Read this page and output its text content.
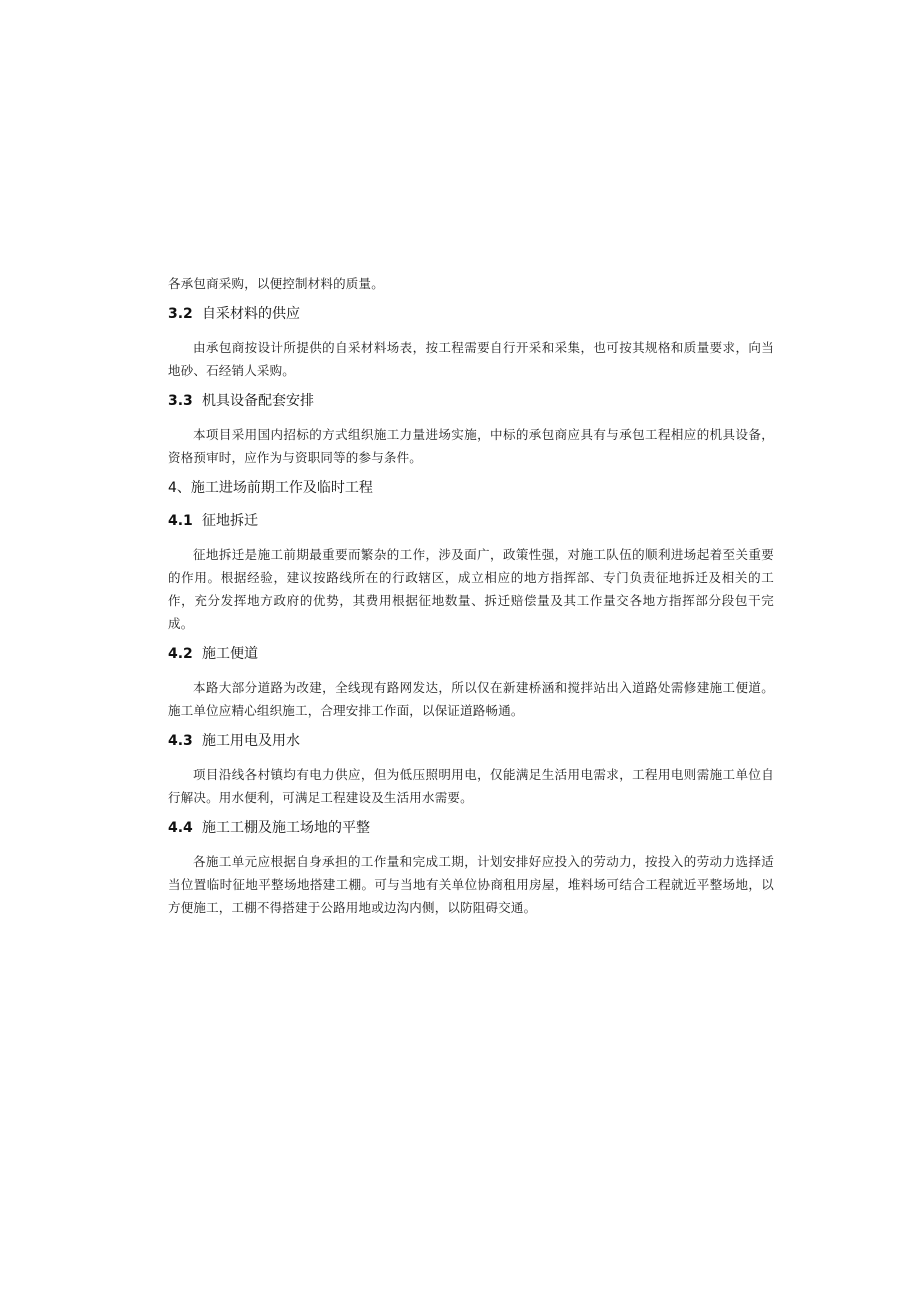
各承包商采购，以便控制材料的质量。

3.2 自采材料的供应

由承包商按设计所提供的自采材料场表，按工程需要自行开采和采集，也可按其规格和质量要求，向当地砂、石经销人采购。

3.3 机具设备配套安排

本项目采用国内招标的方式组织施工力量进场实施，中标的承包商应具有与承包工程相应的机具设备，资格预审时，应作为与资职同等的参与条件。

4、施工进场前期工作及临时工程
4.1 征地拆迁

征地拆迁是施工前期最重要而繁杂的工作，涉及面广，政策性强，对施工队伍的顺利进场起着至关重要的作用。根据经验，建议按路线所在的行政辖区，成立相应的地方指挥部、专门负责征地拆迁及相关的工作，充分发挥地方政府的优势，其费用根据征地数量、拆迁赔偿量及其工作量交各地方指挥部分段包干完成。

4.2 施工便道

本路大部分道路为改建，全线现有路网发达，所以仅在新建桥涵和搅拌站出入道路处需修建施工便道。施工单位应精心组织施工，合理安排工作面，以保证道路畅通。

4.3 施工用电及用水

项目沿线各村镇均有电力供应，但为低压照明用电，仅能满足生活用电需求，工程用电则需施工单位自行解决。用水便利，可满足工程建设及生活用水需要。

4.4 施工工棚及施工场地的平整

各施工单元应根据自身承担的工作量和完成工期，计划安排好应投入的劳动力，按投入的劳动力选择适当位置临时征地平整场地搭建工棚。可与当地有关单位协商租用房屋，堆料场可结合工程就近平整场地，以方便施工，工棚不得搭建于公路用地或边沟内侧，以防阻碍交通。
